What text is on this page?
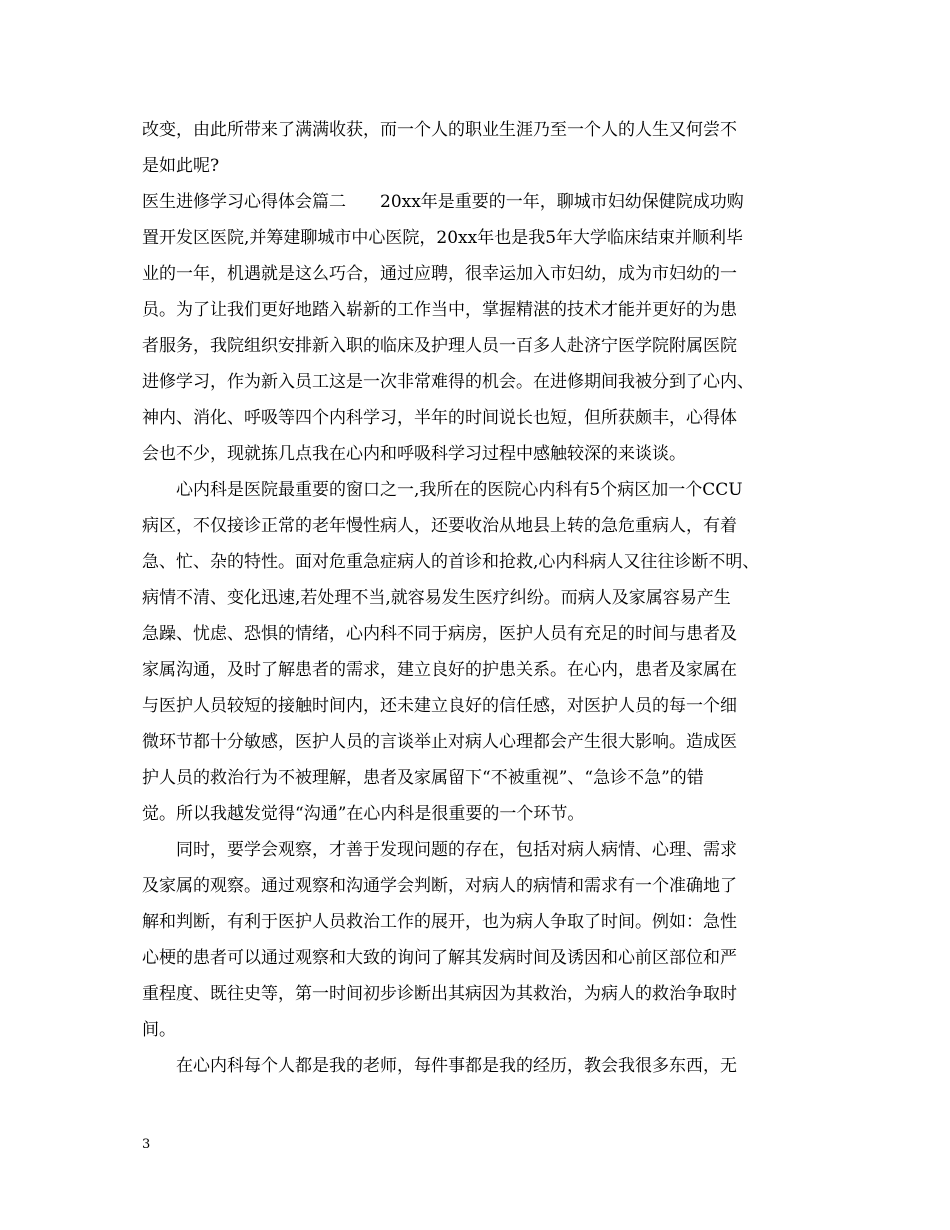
改变，由此所带来了满满收获，而一个人的职业生涯乃至一个人的人生又何尝不
是如此呢?
医生进修学习心得体会篇二　　20xx年是重要的一年，聊城市妇幼保健院成功购
置开发区医院,并筹建聊城市中心医院，20xx年也是我5年大学临床结束并顺利毕
业的一年，机遇就是这么巧合，通过应聘，很幸运加入市妇幼，成为市妇幼的一
员。为了让我们更好地踏入崭新的工作当中，掌握精湛的技术才能并更好的为患
者服务，我院组织安排新入职的临床及护理人员一百多人赴济宁医学院附属医院
进修学习，作为新入员工这是一次非常难得的机会。在进修期间我被分到了心内、
神内、消化、呼吸等四个内科学习，半年的时间说长也短，但所获颇丰，心得体
会也不少，现就拣几点我在心内和呼吸科学习过程中感触较深的来谈谈。
　　心内科是医院最重要的窗口之一,我所在的医院心内科有5个病区加一个CCU
病区，不仅接诊正常的老年慢性病人，还要收治从地县上转的急危重病人，有着
急、忙、杂的特性。面对危重急症病人的首诊和抢救,心内科病人又往往诊断不明、
病情不清、变化迅速,若处理不当,就容易发生医疗纠纷。而病人及家属容易产生
急躁、忧虑、恐惧的情绪，心内科不同于病房，医护人员有充足的时间与患者及
家属沟通，及时了解患者的需求，建立良好的护患关系。在心内，患者及家属在
与医护人员较短的接触时间内，还未建立良好的信任感，对医护人员的每一个细
微环节都十分敏感，医护人员的言谈举止对病人心理都会产生很大影响。造成医
护人员的救治行为不被理解，患者及家属留下“不被重视”、“急诊不急”的错
觉。所以我越发觉得“沟通”在心内科是很重要的一个环节。
　　同时，要学会观察，才善于发现问题的存在，包括对病人病情、心理、需求
及家属的观察。通过观察和沟通学会判断，对病人的病情和需求有一个准确地了
解和判断，有利于医护人员救治工作的展开，也为病人争取了时间。例如：急性
心梗的患者可以通过观察和大致的询问了解其发病时间及诱因和心前区部位和严
重程度、既往史等，第一时间初步诊断出其病因为其救治，为病人的救治争取时
间。
　　在心内科每个人都是我的老师，每件事都是我的经历，教会我很多东西，无
3
